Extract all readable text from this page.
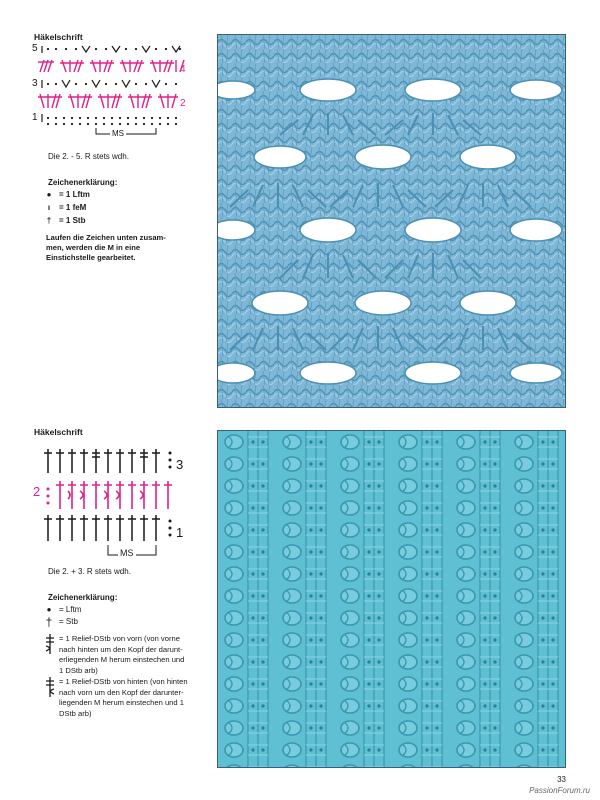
Häkelschrift
4
2
5
3
1
MS
Die 2. - 5. R stets wdh.
Zeichenerklärung:
● = 1 Lftm
ı	= 1 feM
† = 1 Stb
Laufen die Zeichen unten zusam-
men, werden die M in eine
Einstichstelle gearbeitet.
Häkelschrift
3
1
2
MS
Die 2. + 3. R stets wdh.
Zeichenerklärung:
● = Lftm
† = Stb
= 1 Relief-DStb von vorn (von vorne
nach hinten um den Kopf der darunt-
erliegenden M herum einstechen und
1 DStb arb)
= 1 Relief-DStb von hinten (von hinten
nach vorn um den Kopf der darunter-
liegenden M herum einstechen und 1
DStb arb)
33
PassionForum.ru
